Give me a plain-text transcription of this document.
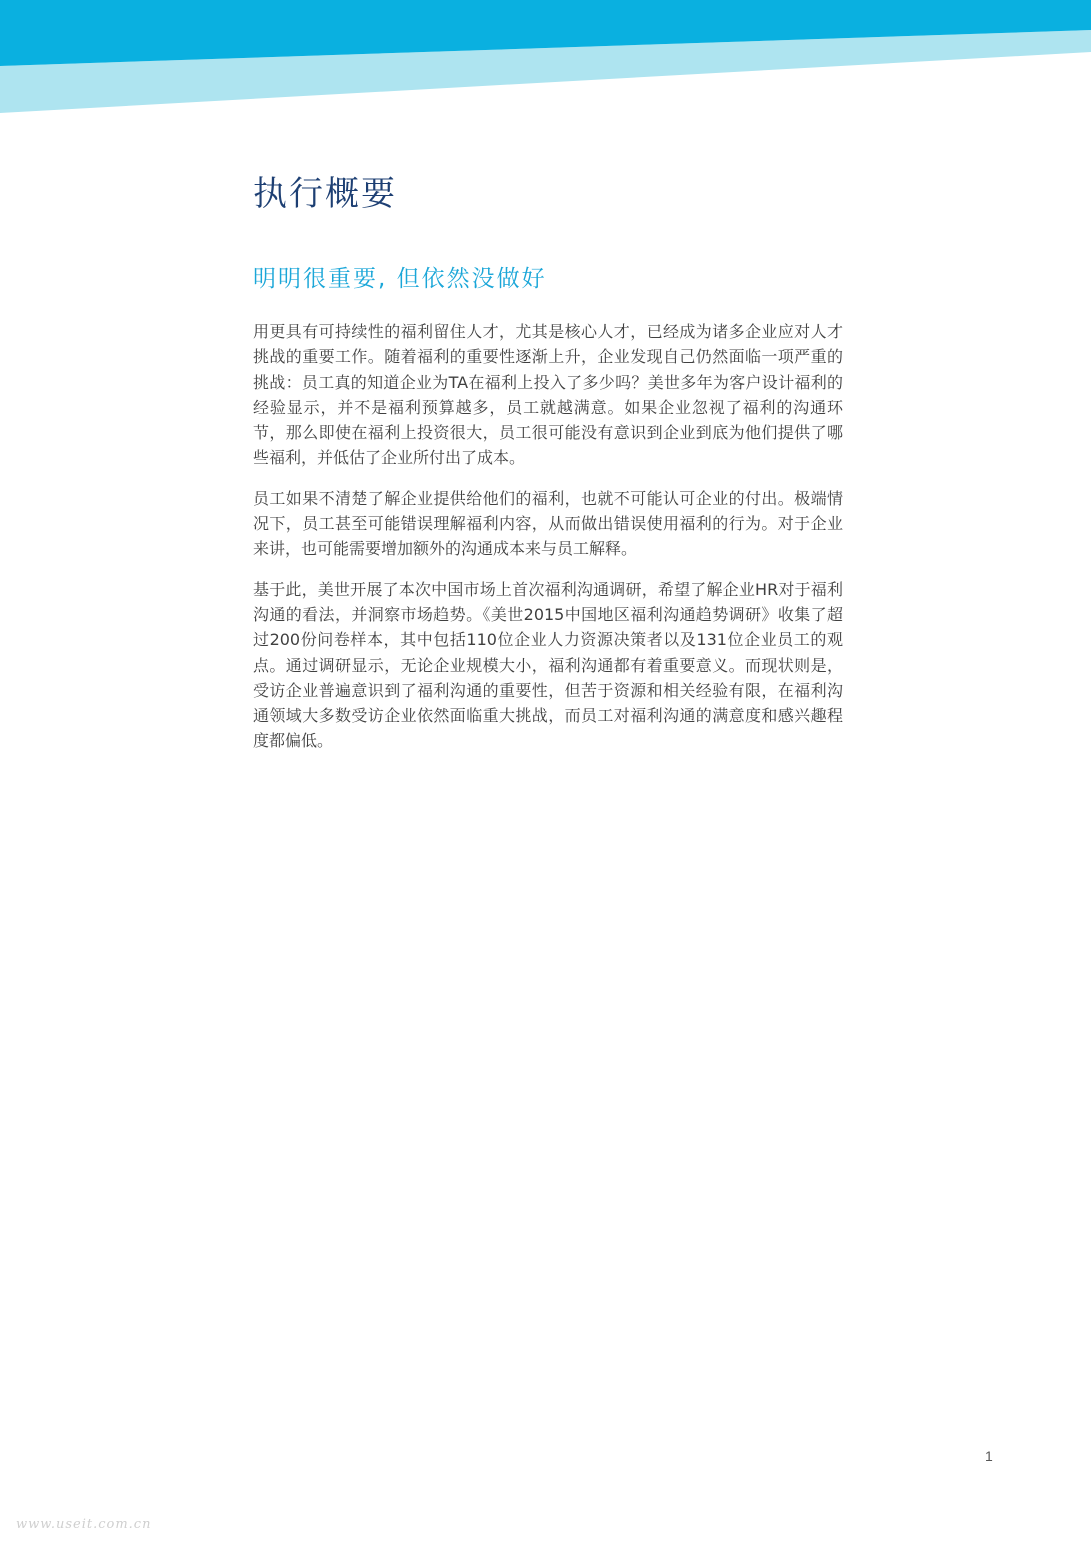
执行概要
明明很重要, 但依然没做好

用更具有可持续性的福利留住人才，尤其是核心人才，已经成为诸多企业应对人才挑战的重要工作。随着福利的重要性逐渐上升，企业发现自己仍然面临一项严重的挑战：员工真的知道企业为TA在福利上投入了多少吗？美世多年为客户设计福利的经验显示，并不是福利预算越多，员工就越满意。如果企业忽视了福利的沟通环节，那么即使在福利上投资很大，员工很可能没有意识到企业到底为他们提供了哪些福利，并低估了企业所付出了成本。

员工如果不清楚了解企业提供给他们的福利，也就不可能认可企业的付出。极端情况下，员工甚至可能错误理解福利内容，从而做出错误使用福利的行为。对于企业来讲，也可能需要增加额外的沟通成本来与员工解释。

基于此，美世开展了本次中国市场上首次福利沟通调研，希望了解企业HR对于福利沟通的看法，并洞察市场趋势。《美世2015中国地区福利沟通趋势调研》收集了超过200份问卷样本，其中包括110位企业人力资源决策者以及131位企业员工的观点。通过调研显示，无论企业规模大小，福利沟通都有着重要意义。而现状则是，受访企业普遍意识到了福利沟通的重要性，但苦于资源和相关经验有限，在福利沟通领域大多数受访企业依然面临重大挑战，而员工对福利沟通的满意度和感兴趣程度都偏低。

1
www.useit.com.cn
